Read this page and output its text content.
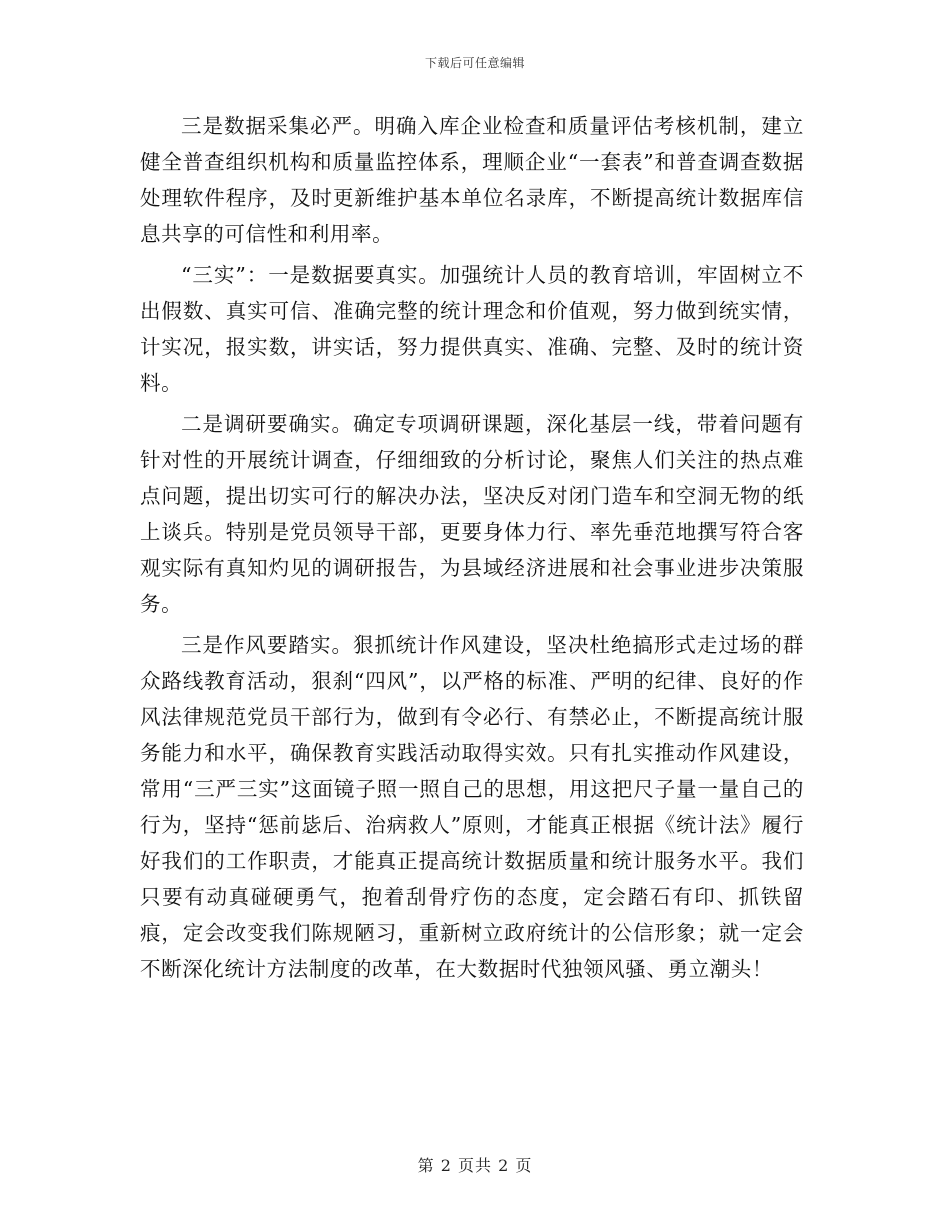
下载后可任意编辑

三是数据采集必严。明确入库企业检查和质量评估考核机制，建立健全普查组织机构和质量监控体系，理顺企业“一套表”和普查调查数据处理软件程序，及时更新维护基本单位名录库，不断提高统计数据库信息共享的可信性和利用率。

“三实”：一是数据要真实。加强统计人员的教育培训，牢固树立不出假数、真实可信、准确完整的统计理念和价值观，努力做到统实情，计实况，报实数，讲实话，努力提供真实、准确、完整、及时的统计资料。

二是调研要确实。确定专项调研课题，深化基层一线，带着问题有针对性的开展统计调查，仔细细致的分析讨论，聚焦人们关注的热点难点问题，提出切实可行的解决办法，坚决反对闭门造车和空洞无物的纸上谈兵。特别是党员领导干部，更要身体力行、率先垂范地撰写符合客观实际有真知灼见的调研报告，为县域经济进展和社会事业进步决策服务。

三是作风要踏实。狠抓统计作风建设，坚决杜绝搞形式走过场的群众路线教育活动，狠刹“四风”，以严格的标准、严明的纪律、良好的作风法律规范党员干部行为，做到有令必行、有禁必止，不断提高统计服务能力和水平，确保教育实践活动取得实效。只有扎实推动作风建设，常用“三严三实”这面镜子照一照自己的思想，用这把尺子量一量自己的行为，坚持“惩前毖后、治病救人”原则，才能真正根据《统计法》履行好我们的工作职责，才能真正提高统计数据质量和统计服务水平。我们只要有动真碰硬勇气，抱着刮骨疗伤的态度，定会踏石有印、抓铁留痕，定会改变我们陈规陋习，重新树立政府统计的公信形象；就一定会不断深化统计方法制度的改革，在大数据时代独领风骚、勇立潮头！

第 2 页共 2 页
